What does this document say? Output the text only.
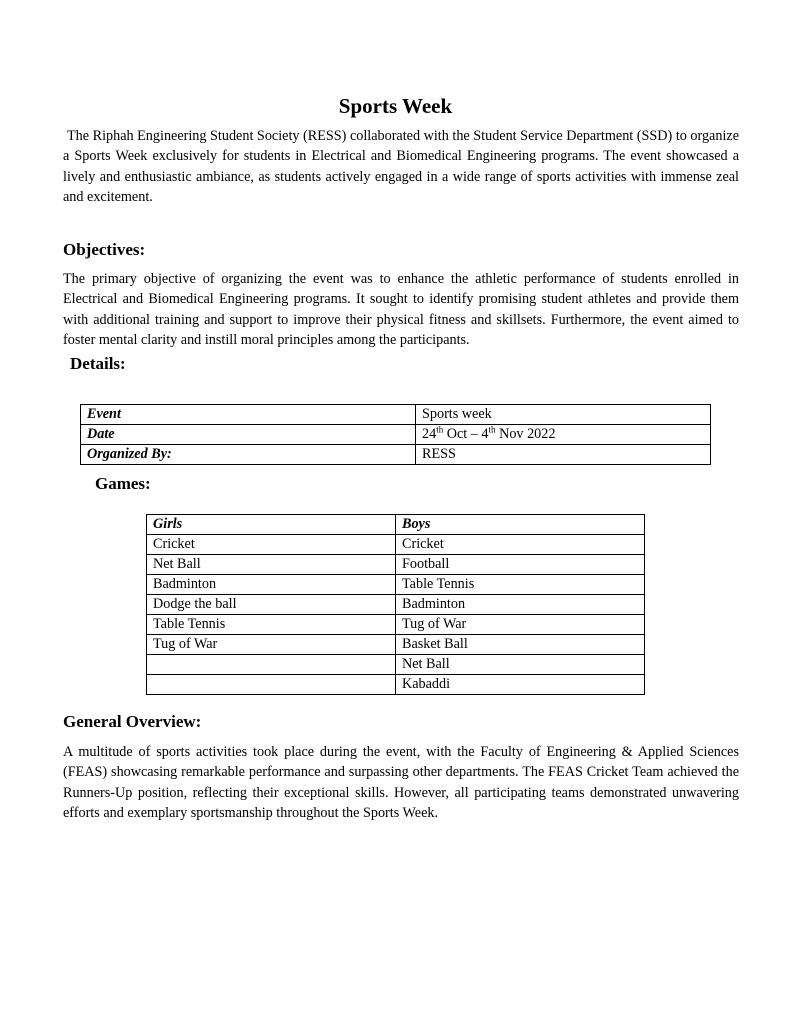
Sports Week

The Riphah Engineering Student Society (RESS) collaborated with the Student Service Department (SSD) to organize a Sports Week exclusively for students in Electrical and Biomedical Engineering programs. The event showcased a lively and enthusiastic ambiance, as students actively engaged in a wide range of sports activities with immense zeal and excitement.

Objectives:

The primary objective of organizing the event was to enhance the athletic performance of students enrolled in Electrical and Biomedical Engineering programs. It sought to identify promising student athletes and provide them with additional training and support to improve their physical fitness and skillsets. Furthermore, the event aimed to foster mental clarity and instill moral principles among the participants.

Details:
Event	Sports week
Date	24th Oct – 4th Nov 2022
Organized By:	RESS
Games:
Girls	Boys
Cricket	Cricket
Net Ball	Football
Badminton	Table Tennis
Dodge the ball	Badminton
Table Tennis	Tug of War
Tug of War	Basket Ball
	Net Ball
	Kabaddi
General Overview:

A multitude of sports activities took place during the event, with the Faculty of Engineering & Applied Sciences (FEAS) showcasing remarkable performance and surpassing other departments. The FEAS Cricket Team achieved the Runners-Up position, reflecting their exceptional skills. However, all participating teams demonstrated unwavering efforts and exemplary sportsmanship throughout the Sports Week.
